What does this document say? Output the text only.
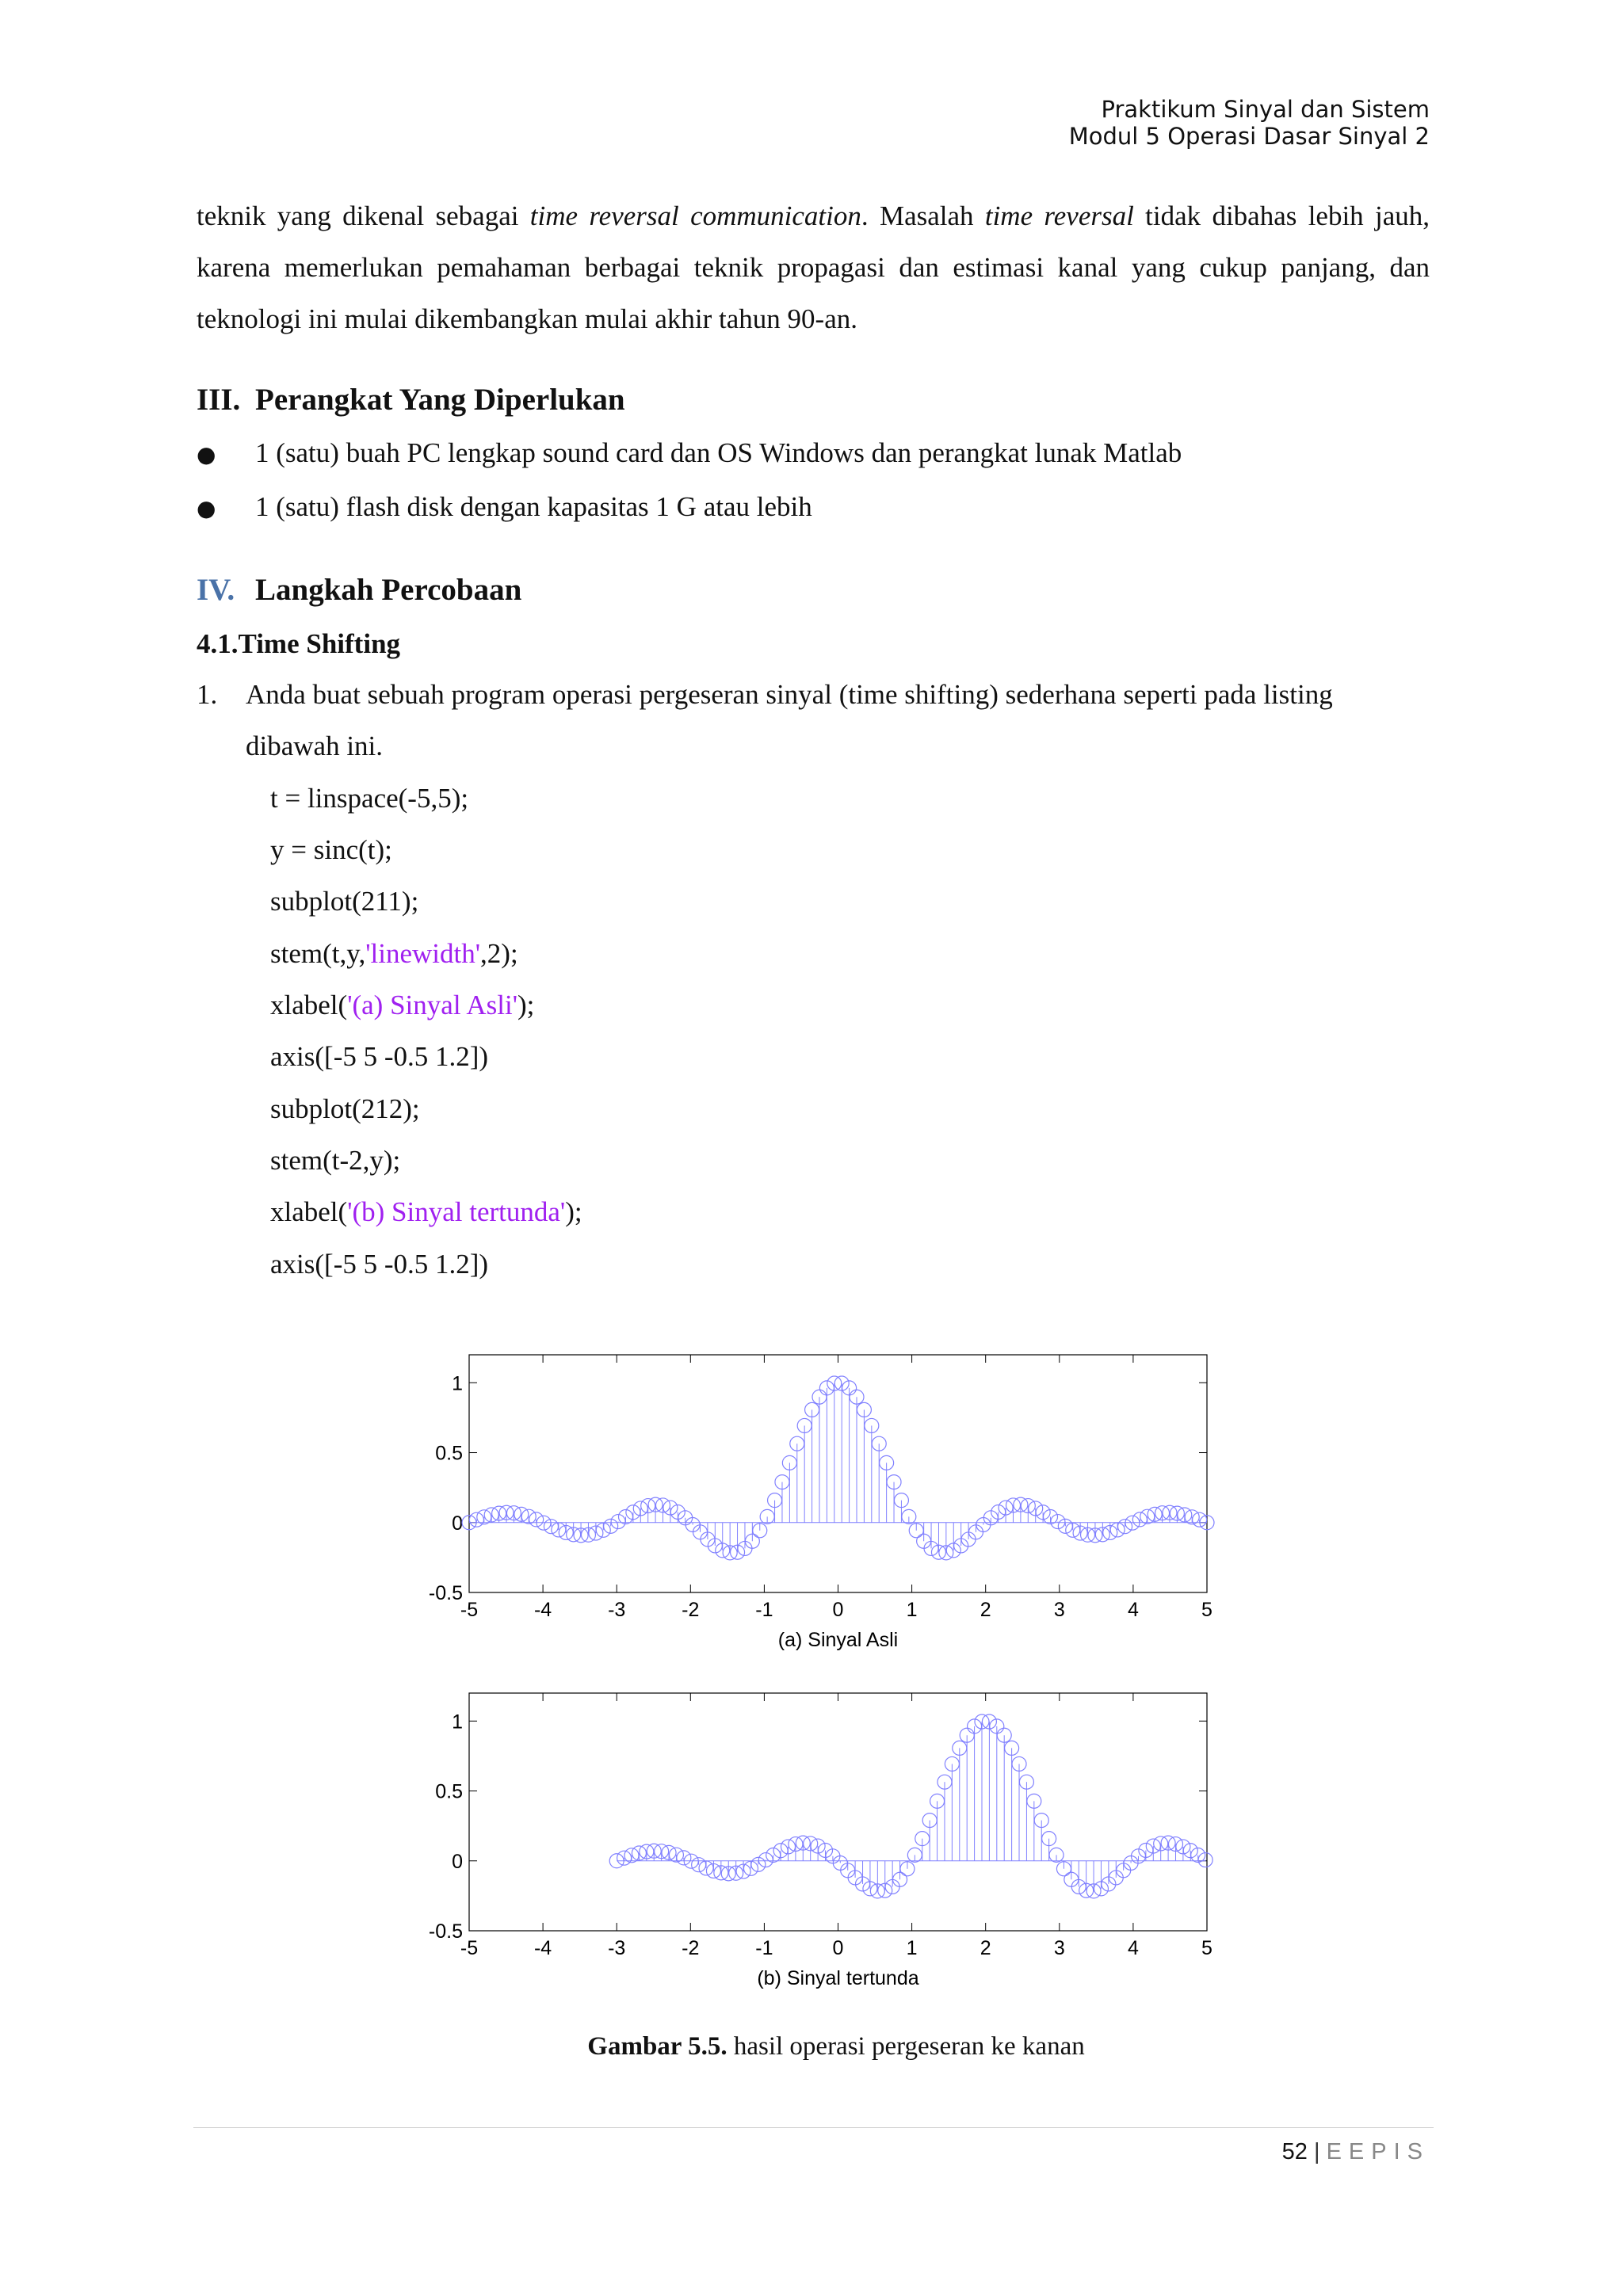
Praktikum Sinyal dan Sistem
Modul 5 Operasi Dasar Sinyal 2
teknik yang dikenal sebagai time reversal communication. Masalah time reversal tidak dibahas lebih jauh, karena memerlukan pemahaman berbagai teknik propagasi dan estimasi kanal yang cukup panjang, dan teknologi ini mulai dikembangkan mulai akhir tahun 90-an.
III. Perangkat Yang Diperlukan
● 1 (satu) buah PC lengkap sound card dan OS Windows dan perangkat lunak Matlab
● 1 (satu) flash disk dengan kapasitas 1 G atau lebih
IV. Langkah Percobaan
4.1.Time Shifting
1. Anda buat sebuah program operasi pergeseran sinyal (time shifting) sederhana seperti pada listing
dibawah ini.
t = linspace(-5,5);
y = sinc(t);
subplot(211);
stem(t,y,'linewidth',2);
xlabel('(a) Sinyal Asli');
axis([-5 5 -0.5 1.2])
subplot(212);
stem(t-2,y);
xlabel('(b) Sinyal tertunda');
axis([-5 5 -0.5 1.2])
-5	-4	-3	-2	-1	0	1	2	3	4	5
-0.5
0
0.5
1
(a) Sinyal Asli
-5	-4	-3	-2	-1	0	1	2	3	4	5
-0.5
0
0.5
1
(b) Sinyal tertunda
Gambar 5.5. hasil operasi pergeseran ke kanan
52 | EEPIS
